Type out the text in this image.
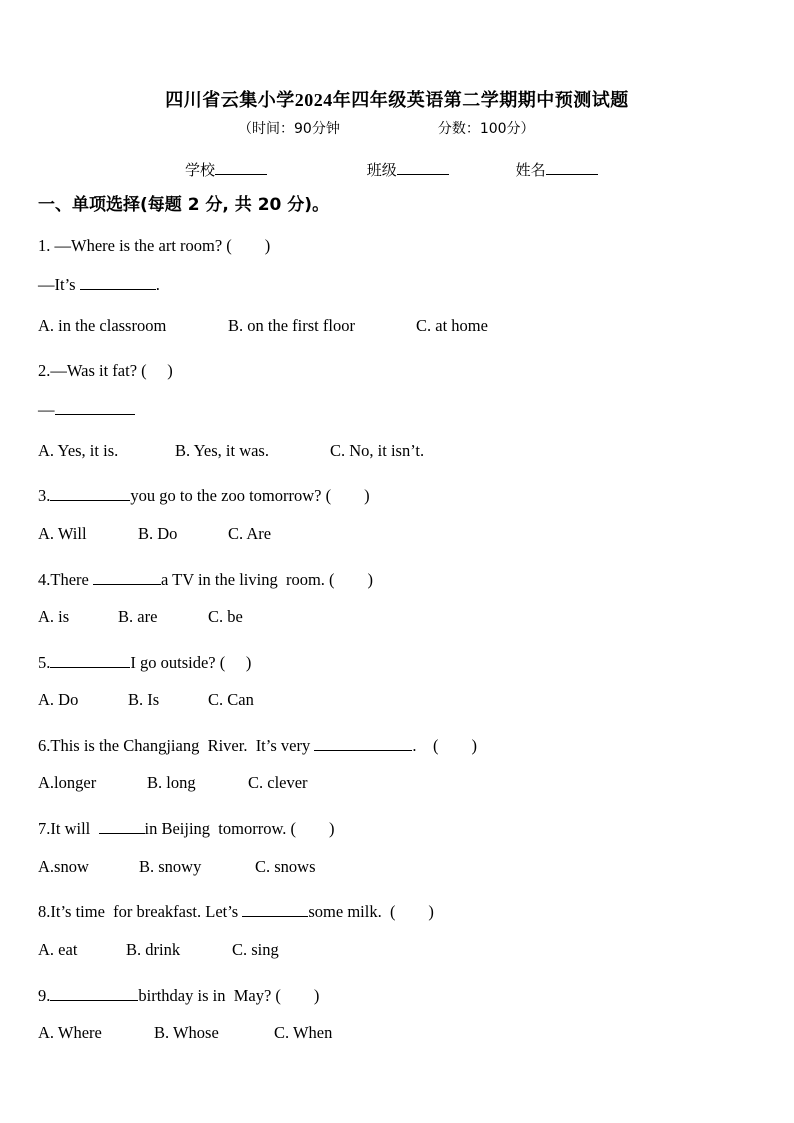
四川省云集小学2024年四年级英语第二学期期中预测试题
（时间：90分钟	分数：100分）
学校	班级	姓名
一、单项选择(每题 2 分, 共 20 分)。
1. —Where is the art room? (　　)
—It’s	.
A. in the classroom	B. on the first floor	C. at home
2.—Was it fat? (　 )
—
A. Yes, it is.	B. Yes, it was.	C. No, it isn’t.
3.	you go to the zoo tomorrow? (　　)
A. Will	B. Do	C. Are
4.There	a TV in the living  room. (　　)
A. is	B. are	C. be
5.	I go outside? (　 )
A. Do	B. Is	C. Can
6.This is the Changjiang  River.  It’s very	.　(　　)
A.longer	B. long	C. clever
7.It will	in Beijing  tomorrow. (　　)
A.snow	B. snowy	C. snows
8.It’s time  for breakfast. Let’s	some milk.  (　　)
A. eat	B. drink	C. sing
9.	birthday is in  May? (　　)
A. Where	B. Whose	C. When
